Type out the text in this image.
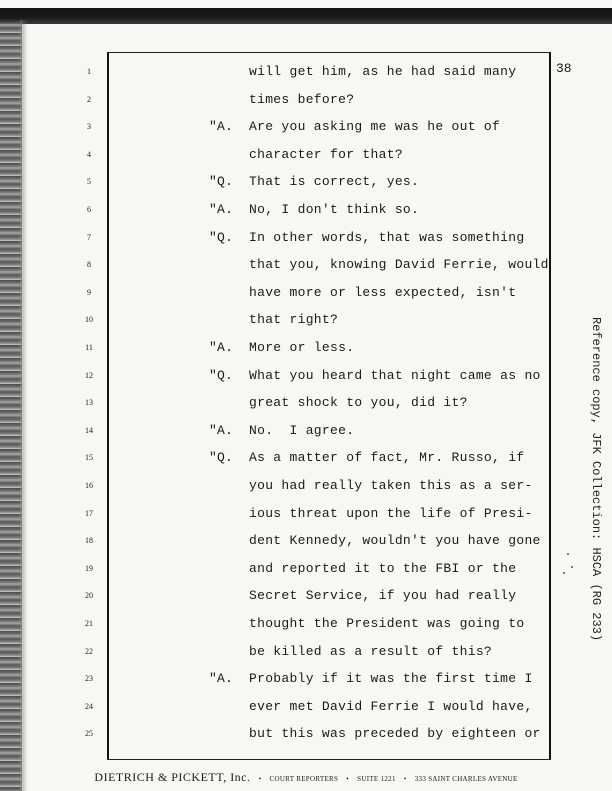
38
1	will get him, as he had said many
2	times before?
3	"A. Are you asking me was he out of
4	character for that?
5	"Q. That is correct, yes.
6	"A. No, I don't think so.
7	"Q. In other words, that was something
8	that you, knowing David Ferrie, would
9	have more or less expected, isn't
10	that right?
11	"A. More or less.
12	"Q. What you heard that night came as no
13	great shock to you, did it?
14	"A. No.  I agree.
15	"Q. As a matter of fact, Mr. Russo, if
16	you had really taken this as a ser-
17	ious threat upon the life of Presi-
18	dent Kennedy, wouldn't you have gone
19	and reported it to the FBI or the
20	Secret Service, if you had really
21	thought the President was going to
22	be killed as a result of this?
23	"A. Probably if it was the first time I
24	ever met David Ferrie I would have,
25	but this was preceded by eighteen or
Reference copy, JFK Collection: HSCA (RG 233)
DIETRICH & PICKETT, Inc. • COURT REPORTERS • SUITE 1221 • 333 SAINT CHARLES AVENUE
